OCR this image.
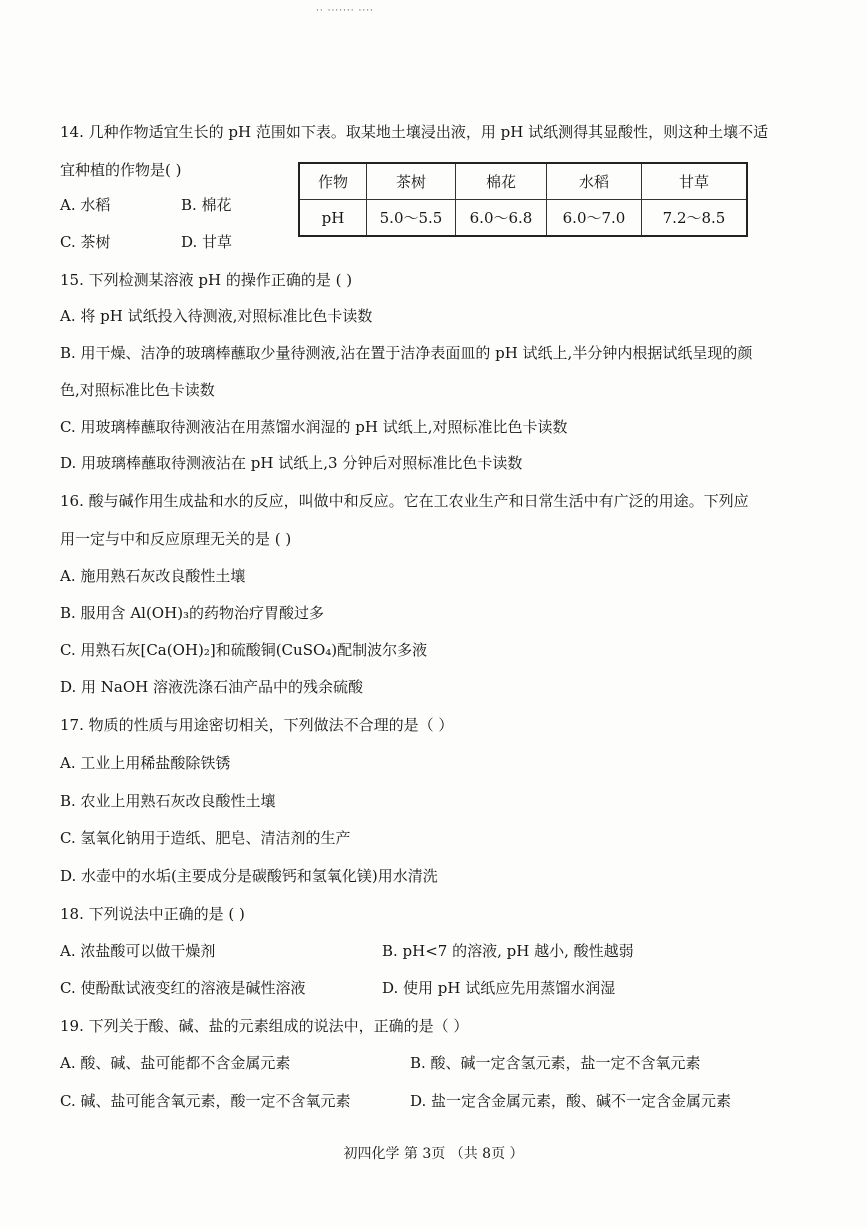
·· ······· ····
14. 几种作物适宜生长的 pH 范围如下表。取某地土壤浸出液，用 pH 试纸测得其显酸性，则这种土壤不适
宜种植的作物是( )
A. 水稻	B. 棉花
C. 茶树	D. 甘草
作物	茶树	棉花	水稻	甘草
pH	5.0～5.5	6.0～6.8	6.0～7.0	7.2～8.5
15. 下列检测某溶液 pH 的操作正确的是 ( )
A. 将 pH 试纸投入待测液,对照标准比色卡读数
B. 用干燥、洁净的玻璃棒蘸取少量待测液,沾在置于洁净表面皿的 pH 试纸上,半分钟内根据试纸呈现的颜
色,对照标准比色卡读数
C. 用玻璃棒蘸取待测液沾在用蒸馏水润湿的 pH 试纸上,对照标准比色卡读数
D. 用玻璃棒蘸取待测液沾在 pH 试纸上,3 分钟后对照标准比色卡读数
16. 酸与碱作用生成盐和水的反应，叫做中和反应。它在工农业生产和日常生活中有广泛的用途。下列应
用一定与中和反应原理无关的是 ( )
A. 施用熟石灰改良酸性土壤
B. 服用含 Al(OH)₃的药物治疗胃酸过多
C. 用熟石灰[Ca(OH)₂]和硫酸铜(CuSO₄)配制波尔多液
D. 用 NaOH 溶液洗涤石油产品中的残余硫酸
17. 物质的性质与用途密切相关，下列做法不合理的是（ ）
A. 工业上用稀盐酸除铁锈
B. 农业上用熟石灰改良酸性土壤
C. 氢氧化钠用于造纸、肥皂、清洁剂的生产
D. 水壶中的水垢(主要成分是碳酸钙和氢氧化镁)用水清洗
18. 下列说法中正确的是 ( )
A. 浓盐酸可以做干燥剂	B. pH<7 的溶液, pH 越小, 酸性越弱
C. 使酚酞试液变红的溶液是碱性溶液	D. 使用 pH 试纸应先用蒸馏水润湿
19. 下列关于酸、碱、盐的元素组成的说法中，正确的是（ ）
A. 酸、碱、盐可能都不含金属元素	B. 酸、碱一定含氢元素，盐一定不含氧元素
C. 碱、盐可能含氧元素，酸一定不含氧元素	D. 盐一定含金属元素，酸、碱不一定含金属元素
初四化学 第 3页 （共 8页 ）
